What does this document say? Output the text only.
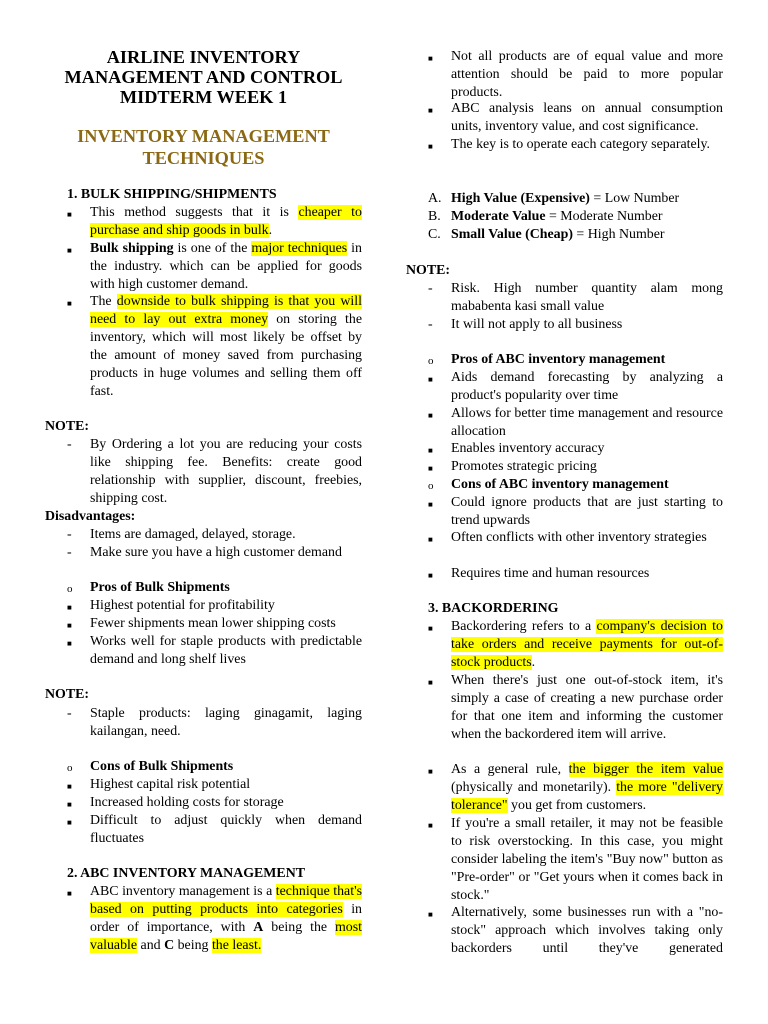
AIRLINE INVENTORY
MANAGEMENT AND CONTROL
MIDTERM WEEK 1
INVENTORY MANAGEMENT
TECHNIQUES
1. BULK SHIPPING/SHIPMENTS
■ This method suggests that it is cheaper to purchase and ship goods in bulk.
■ Bulk shipping is one of the major techniques in the industry. which can be applied for goods with high customer demand.
■ The downside to bulk shipping is that you will need to lay out extra money on storing the inventory, which will most likely be offset by the amount of money saved from purchasing products in huge volumes and selling them off fast.
NOTE:
- By Ordering a lot you are reducing your costs like shipping fee. Benefits: create good relationship with supplier, discount, freebies, shipping cost.
Disadvantages:
- Items are damaged, delayed, storage.
- Make sure you have a high customer demand
o Pros of Bulk Shipments
■ Highest potential for profitability
■ Fewer shipments mean lower shipping costs
■ Works well for staple products with predictable demand and long shelf lives
NOTE:
- Staple products: laging ginagamit, laging kailangan, need.
o Cons of Bulk Shipments
■ Highest capital risk potential
■ Increased holding costs for storage
■ Difficult to adjust quickly when demand fluctuates
2. ABC INVENTORY MANAGEMENT
■ ABC inventory management is a technique that's based on putting products into categories in order of importance, with A being the most valuable and C being the least.
■ Not all products are of equal value and more attention should be paid to more popular products.
■ ABC analysis leans on annual consumption units, inventory value, and cost significance.
■ The key is to operate each category separately.
A. High Value (Expensive) = Low Number
B. Moderate Value = Moderate Number
C. Small Value (Cheap) = High Number
NOTE:
- Risk. High number quantity alam mong mababenta kasi small value
- It will not apply to all business
o Pros of ABC inventory management
■ Aids demand forecasting by analyzing a product's popularity over time
■ Allows for better time management and resource allocation
■ Enables inventory accuracy
■ Promotes strategic pricing
o Cons of ABC inventory management
■ Could ignore products that are just starting to trend upwards
■ Often conflicts with other inventory strategies
■ Requires time and human resources
3. BACKORDERING
■ Backordering refers to a company's decision to take orders and receive payments for out-of-stock products.
■ When there's just one out-of-stock item, it's simply a case of creating a new purchase order for that one item and informing the customer when the backordered item will arrive.
■ As a general rule, the bigger the item value (physically and monetarily). the more "delivery tolerance" you get from customers.
■ If you're a small retailer, it may not be feasible to risk overstocking. In this case, you might consider labeling the item's "Buy now" button as "Pre-order" or "Get yours when it comes back in stock."
■ Alternatively, some businesses run with a "no-stock" approach which involves taking only backorders until they've generated
